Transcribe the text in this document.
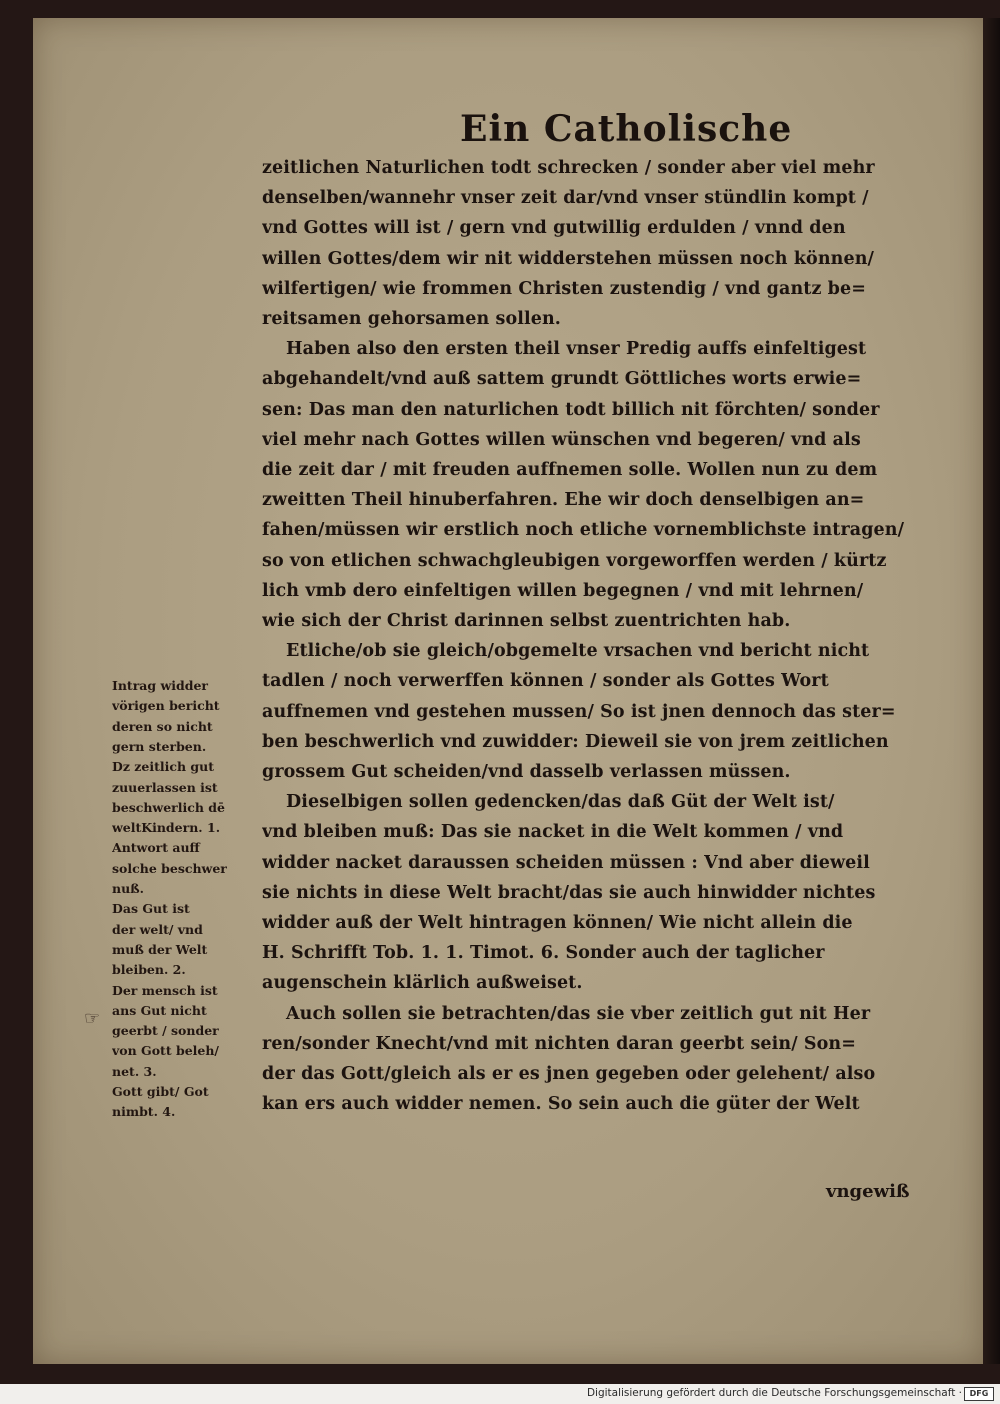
Ein Catholische
zeitlichen Naturlichen todt schrecken / sonder aber viel mehr
denselben/wannehr vnser zeit dar/vnd vnser stündlin kompt /
vnd Gottes will ist / gern vnd gutwillig erdulden / vnnd den
willen Gottes/dem wir nit widderstehen müssen noch können/
wilfertigen/ wie frommen Christen zustendig / vnd gantz be=
reitsamen gehorsamen sollen.
Haben also den ersten theil vnser Predig auffs einfeltigest
abgehandelt/vnd auß sattem grundt Göttliches worts erwie=
sen: Das man den naturlichen todt billich nit förchten/ sonder
viel mehr nach Gottes willen wünschen vnd begeren/ vnd als
die zeit dar / mit freuden auffnemen solle. Wollen nun zu dem
zweitten Theil hinuberfahren. Ehe wir doch denselbigen an=
fahen/müssen wir erstlich noch etliche vornemblichste intragen/
so von etlichen schwachgleubigen vorgeworffen werden / kürtz
lich vmb dero einfeltigen willen begegnen / vnd mit lehrnen/
wie sich der Christ darinnen selbst zuentrichten hab.
Etliche/ob sie gleich/obgemelte vrsachen vnd bericht nicht
tadlen / noch verwerffen können / sonder als Gottes Wort
auffnemen vnd gestehen mussen/ So ist jnen dennoch das ster=
ben beschwerlich vnd zuwidder: Dieweil sie von jrem zeitlichen
grossem Gut scheiden/vnd dasselb verlassen müssen.
Dieselbigen sollen gedencken/das daß Güt der Welt ist/
vnd bleiben muß: Das sie nacket in die Welt kommen / vnd
widder nacket daraussen scheiden müssen : Vnd aber dieweil
sie nichts in diese Welt bracht/das sie auch hinwidder nichtes
widder auß der Welt hintragen können/ Wie nicht allein die
H. Schrifft Tob. 1. 1. Timot. 6. Sonder auch der taglicher
augenschein klärlich außweiset.
Auch sollen sie betrachten/das sie vber zeitlich gut nit Her
ren/sonder Knecht/vnd mit nichten daran geerbt sein/ Son=
der das Gott/gleich als er es jnen gegeben oder gelehent/ also
kan ers auch widder nemen. So sein auch die güter der Welt
Intrag widder
vörigen bericht
deren so nicht
gern sterben.
Dz zeitlich gut
zuuerlassen ist
beschwerlich dē
weltKindern. 1.
Antwort auff
solche beschwer
nuß.
Das Gut ist
der welt/ vnd
muß der Welt
bleiben. 2.
Der mensch ist
ans Gut nicht
geerbt / sonder
von Gott beleh/
net. 3.
Gott gibt/ Got
nimbt. 4.
☞
vngewiß
Digitalisierung gefördert durch die Deutsche Forschungsgemeinschaft · DFG
